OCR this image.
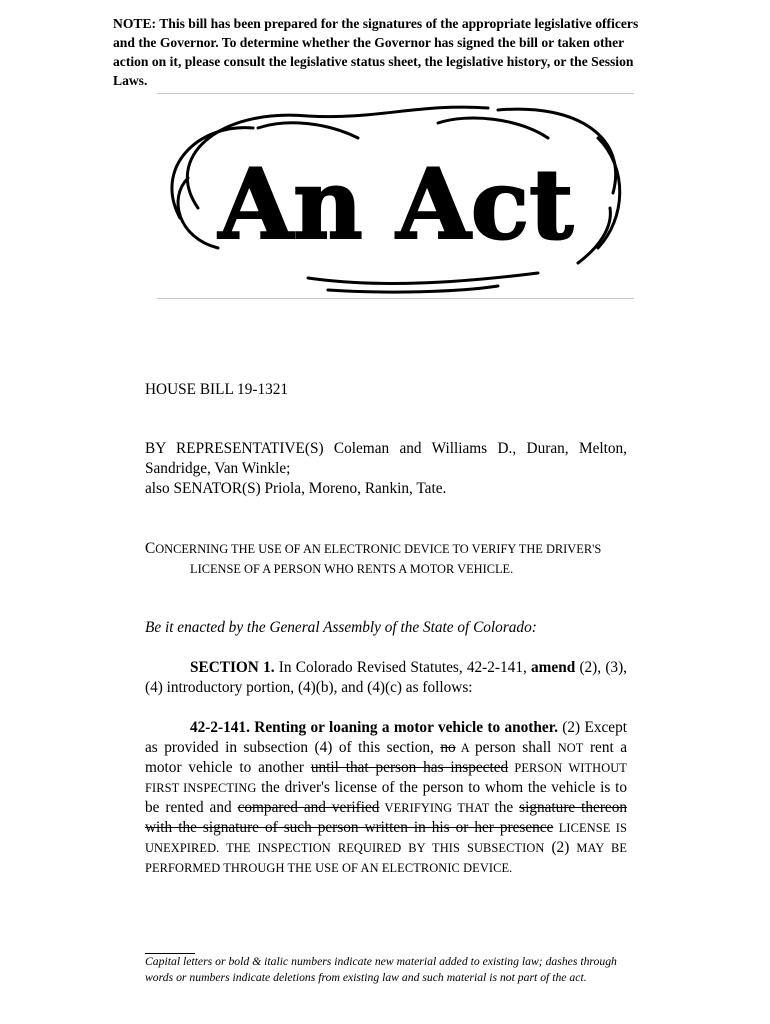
NOTE: This bill has been prepared for the signatures of the appropriate legislative officers and the Governor. To determine whether the Governor has signed the bill or taken other action on it, please consult the legislative status sheet, the legislative history, or the Session Laws.
An Act
HOUSE BILL 19-1321
BY REPRESENTATIVE(S) Coleman and Williams D., Duran, Melton, Sandridge, Van Winkle;
also SENATOR(S) Priola, Moreno, Rankin, Tate.
CONCERNING THE USE OF AN ELECTRONIC DEVICE TO VERIFY THE DRIVER'S
LICENSE OF A PERSON WHO RENTS A MOTOR VEHICLE.
Be it enacted by the General Assembly of the State of Colorado:
SECTION 1. In Colorado Revised Statutes, 42-2-141, amend (2), (3), (4) introductory portion, (4)(b), and (4)(c) as follows:
42-2-141. Renting or loaning a motor vehicle to another. (2) Except as provided in subsection (4) of this section, no A person shall NOT rent a motor vehicle to another until that person has inspected PERSON WITHOUT FIRST INSPECTING the driver's license of the person to whom the vehicle is to be rented and compared and verified VERIFYING THAT the signature thereon with the signature of such person written in his or her presence LICENSE IS UNEXPIRED. THE INSPECTION REQUIRED BY THIS SUBSECTION (2) MAY BE PERFORMED THROUGH THE USE OF AN ELECTRONIC DEVICE.
Capital letters or bold & italic numbers indicate new material added to existing law; dashes through words or numbers indicate deletions from existing law and such material is not part of the act.
